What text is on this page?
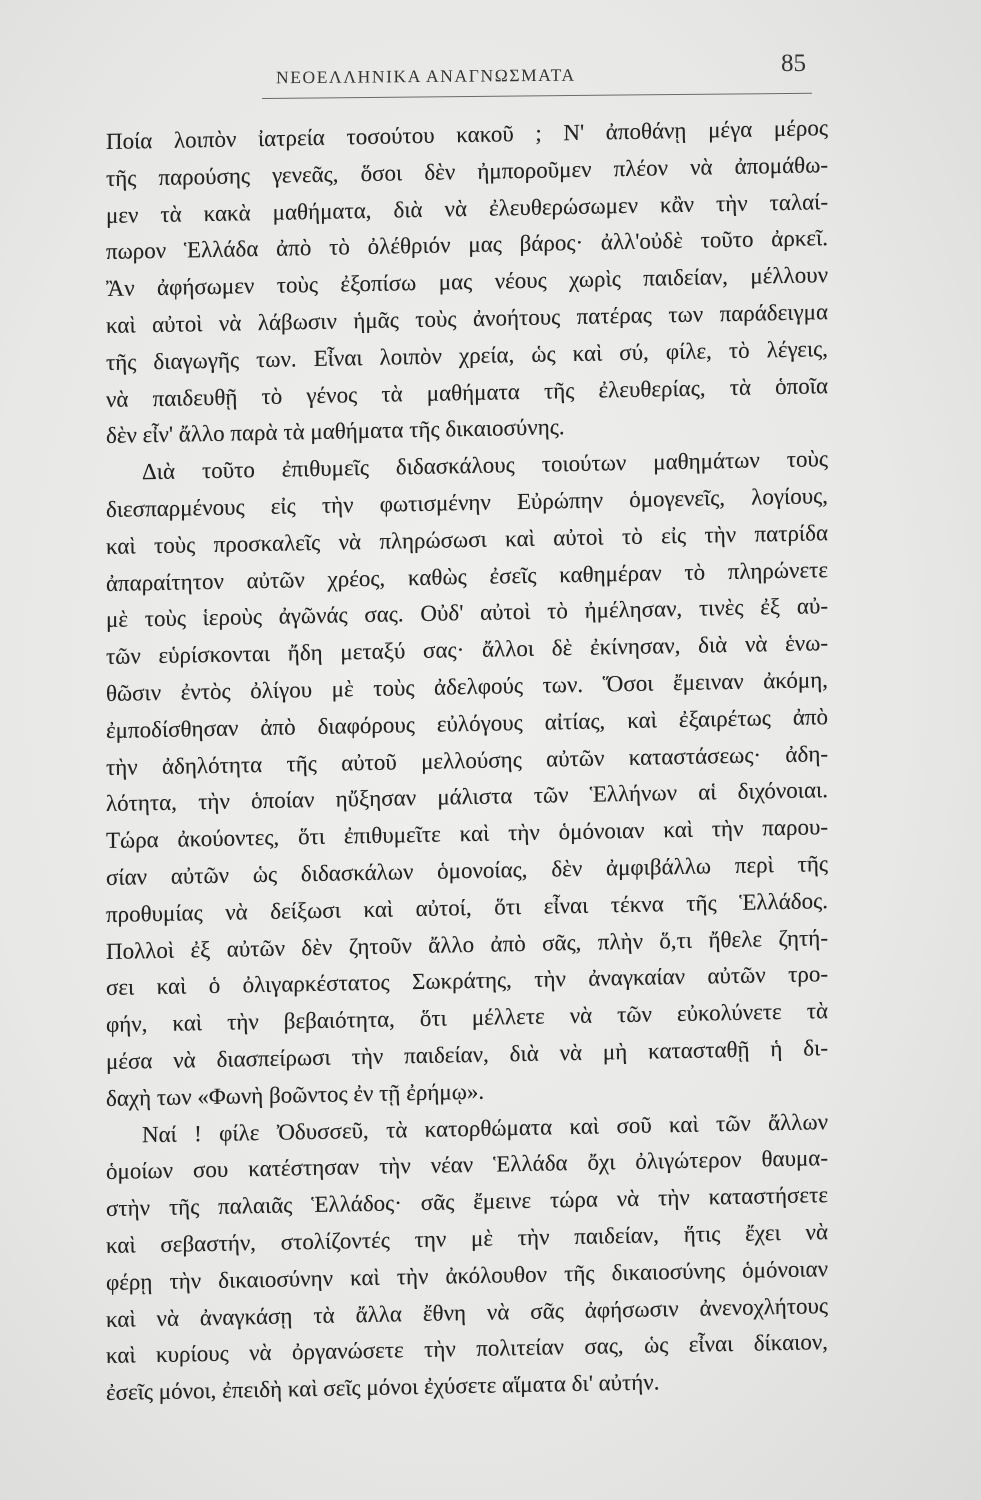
ΝΕΟΕΛΛΗΝΙΚΑ ΑΝΑΓΝΩΣΜΑΤΑ	85
Ποία λοιπὸν ἰατρεία τοσούτου κακοῦ ; Ν' ἀποθάνῃ μέγα μέρος
τῆς παρούσης γενεᾶς, ὅσοι δὲν ἠμποροῦμεν πλέον νὰ ἀπομάθω-
μεν τὰ κακὰ μαθήματα, διὰ νὰ ἐλευθερώσωμεν κἂν τὴν ταλαί-
πωρον Ἑλλάδα ἀπὸ τὸ ὀλέθριόν μας βάρος· ἀλλ'οὐδὲ τοῦτο ἀρκεῖ.
Ἂν ἀφήσωμεν τοὺς ἐξοπίσω μας νέους χωρὶς παιδείαν, μέλλουν
καὶ αὐτοὶ νὰ λάβωσιν ἡμᾶς τοὺς ἀνοήτους πατέρας των παράδειγμα
τῆς διαγωγῆς των. Εἶναι λοιπὸν χρεία, ὡς καὶ σύ, φίλε, τὸ λέγεις,
νὰ παιδευθῇ τὸ γένος τὰ μαθήματα τῆς ἐλευθερίας, τὰ ὁποῖα
δὲν εἶν' ἄλλο παρὰ τὰ μαθήματα τῆς δικαιοσύνης.
Διὰ τοῦτο ἐπιθυμεῖς διδασκάλους τοιούτων μαθημάτων τοὺς
διεσπαρμένους εἰς τὴν φωτισμένην Εὐρώπην ὁμογενεῖς, λογίους,
καὶ τοὺς προσκαλεῖς νὰ πληρώσωσι καὶ αὐτοὶ τὸ εἰς τὴν πατρίδα
ἀπαραίτητον αὐτῶν χρέος, καθὼς ἐσεῖς καθημέραν τὸ πληρώνετε
μὲ τοὺς ἱεροὺς ἀγῶνάς σας. Οὐδ' αὐτοὶ τὸ ἠμέλησαν, τινὲς ἐξ αὐ-
τῶν εὑρίσκονται ἤδη μεταξύ σας· ἄλλοι δὲ ἐκίνησαν, διὰ νὰ ἑνω-
θῶσιν ἐντὸς ὀλίγου μὲ τοὺς ἀδελφούς των. Ὅσοι ἔμειναν ἀκόμη,
ἐμποδίσθησαν ἀπὸ διαφόρους εὐλόγους αἰτίας, καὶ ἐξαιρέτως ἀπὸ
τὴν ἀδηλότητα τῆς αὐτοῦ μελλούσης αὐτῶν καταστάσεως· ἀδη-
λότητα, τὴν ὁποίαν ηὔξησαν μάλιστα τῶν Ἑλλήνων αἱ διχόνοιαι.
Τώρα ἀκούοντες, ὅτι ἐπιθυμεῖτε καὶ τὴν ὁμόνοιαν καὶ τὴν παρου-
σίαν αὐτῶν ὡς διδασκάλων ὁμονοίας, δὲν ἀμφιβάλλω περὶ τῆς
προθυμίας νὰ δείξωσι καὶ αὐτοί, ὅτι εἶναι τέκνα τῆς Ἑλλάδος.
Πολλοὶ ἐξ αὐτῶν δὲν ζητοῦν ἄλλο ἀπὸ σᾶς, πλὴν ὅ,τι ἤθελε ζητή-
σει καὶ ὁ ὀλιγαρκέστατος Σωκράτης, τὴν ἀναγκαίαν αὐτῶν τρο-
φήν, καὶ τὴν βεβαιότητα, ὅτι μέλλετε νὰ τῶν εὐκολύνετε τὰ
μέσα νὰ διασπείρωσι τὴν παιδείαν, διὰ νὰ μὴ κατασταθῇ ἡ δι-
δαχὴ των «Φωνὴ βοῶντος ἐν τῇ ἐρήμῳ».
Ναί ! φίλε Ὀδυσσεῦ, τὰ κατορθώματα καὶ σοῦ καὶ τῶν ἄλλων
ὁμοίων σου κατέστησαν τὴν νέαν Ἑλλάδα ὄχι ὀλιγώτερον θαυμα-
στὴν τῆς παλαιᾶς Ἑλλάδος· σᾶς ἔμεινε τώρα νὰ τὴν καταστήσετε
καὶ σεβαστήν, στολίζοντές την μὲ τὴν παιδείαν, ἥτις ἔχει νὰ
φέρῃ τὴν δικαιοσύνην καὶ τὴν ἀκόλουθον τῆς δικαιοσύνης ὁμόνοιαν
καὶ νὰ ἀναγκάσῃ τὰ ἄλλα ἔθνη νὰ σᾶς ἀφήσωσιν ἀνενοχλήτους
καὶ κυρίους νὰ ὀργανώσετε τὴν πολιτείαν σας, ὡς εἶναι δίκαιον,
ἐσεῖς μόνοι, ἐπειδὴ καὶ σεῖς μόνοι ἐχύσετε αἵματα δι' αὐτήν.
